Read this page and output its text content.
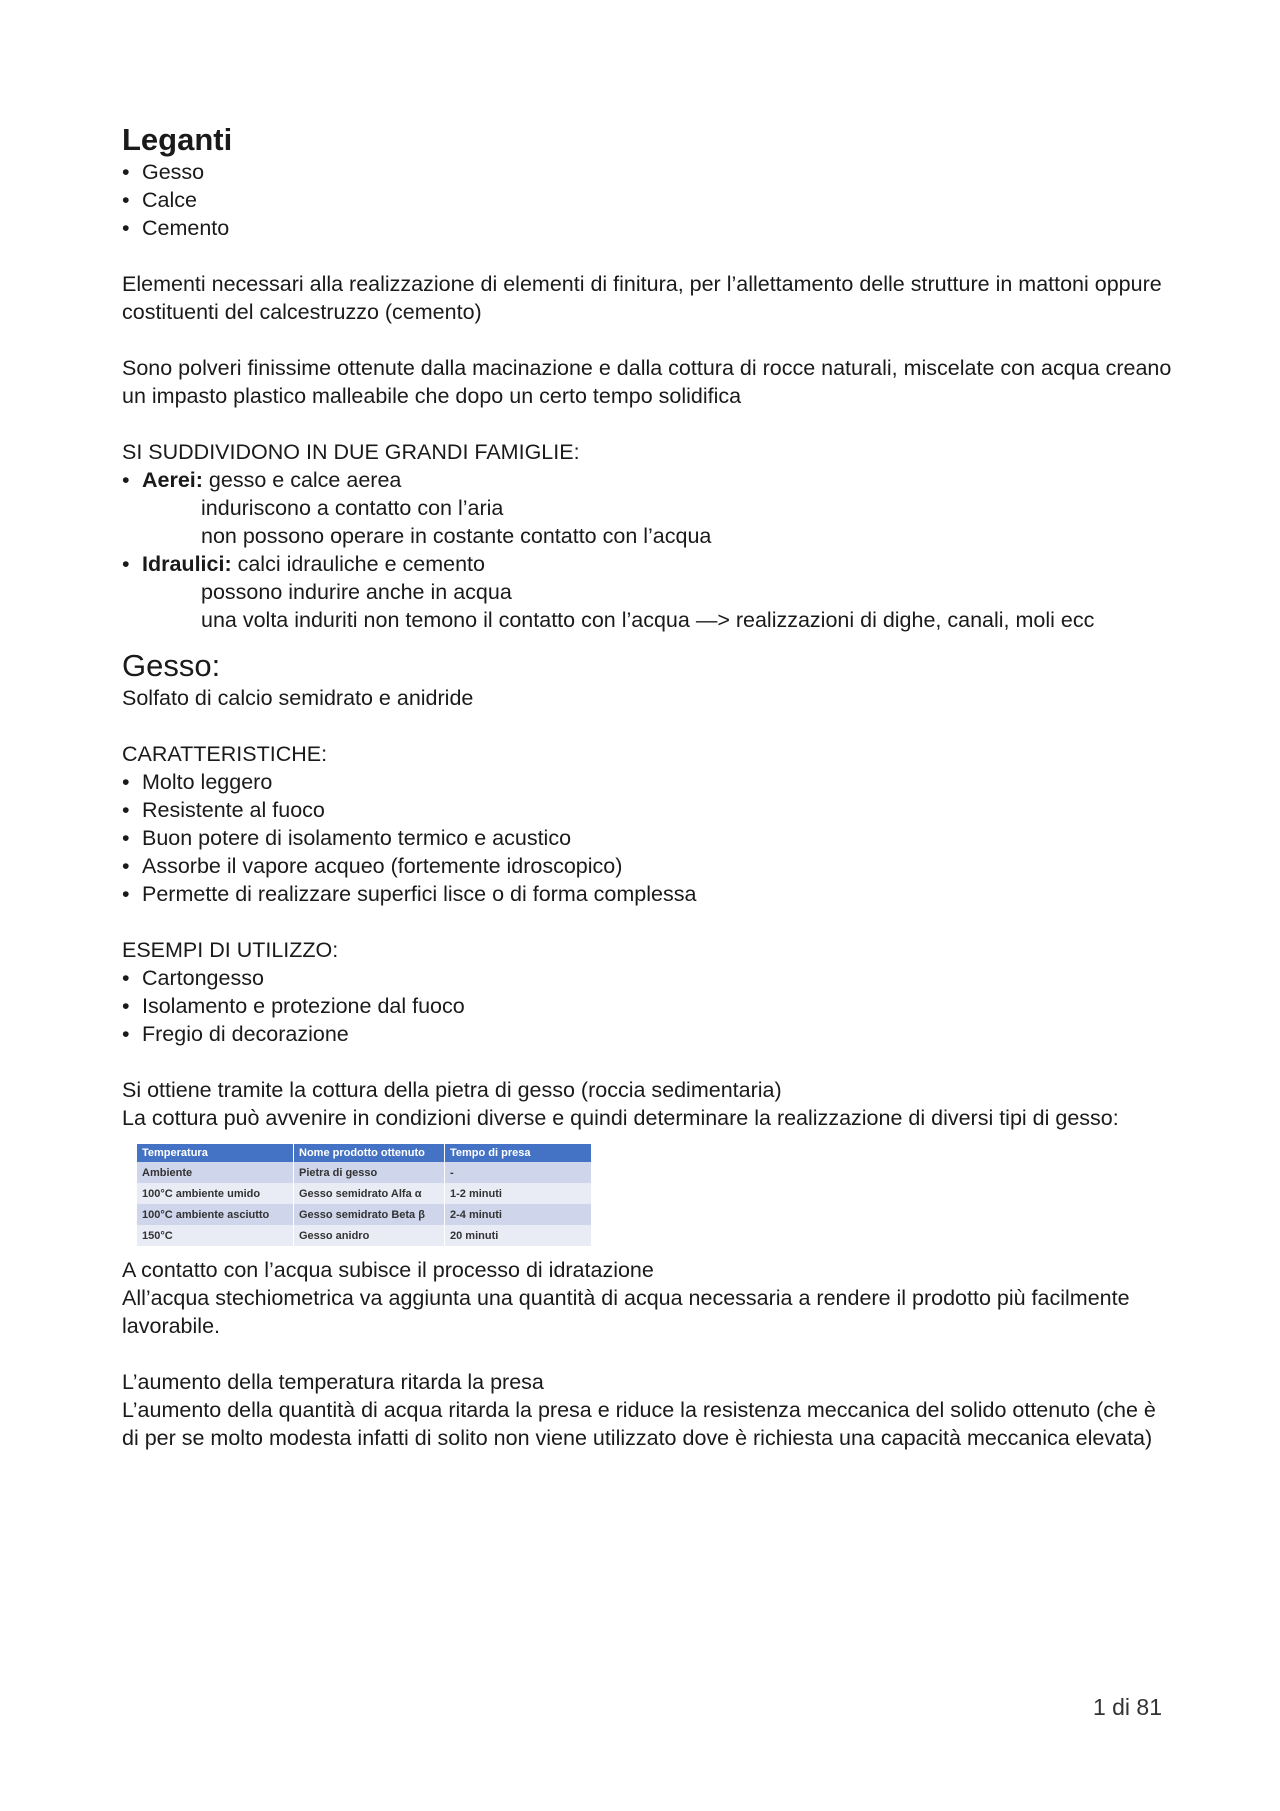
Leganti
• Gesso
• Calce
• Cemento

Elementi necessari alla realizzazione di elementi di finitura, per l’allettamento delle strutture in mattoni oppure costituenti del calcestruzzo (cemento)

Sono polveri finissime ottenute dalla macinazione e dalla cottura di rocce naturali, miscelate con acqua creano un impasto plastico malleabile che dopo un certo tempo solidifica

SI SUDDIVIDONO IN DUE GRANDI FAMIGLIE:

• Aerei: gesso e calce aerea
induriscono a contatto con l’aria
non possono operare in costante contatto con l’acqua
• Idraulici: calci idrauliche e cemento
possono indurire anche in acqua
una volta induriti non temono il contatto con l’acqua —> realizzazioni di dighe, canali, moli ecc
Gesso:

Solfato di calcio semidrato e anidride

CARATTERISTICHE:

• Molto leggero
• Resistente al fuoco
• Buon potere di isolamento termico e acustico
• Assorbe il vapore acqueo (fortemente idroscopico)
• Permette di realizzare superfici lisce o di forma complessa

ESEMPI DI UTILIZZO:

• Cartongesso
• Isolamento e protezione dal fuoco
• Fregio di decorazione

Si ottiene tramite la cottura della pietra di gesso (roccia sedimentaria)

La cottura può avvenire in condizioni diverse e quindi determinare la realizzazione di diversi tipi di gesso:

Temperatura	Nome prodotto ottenuto	Tempo di presa
Ambiente	Pietra di gesso	-
100°C ambiente umido	Gesso semidrato Alfa α	1-2 minuti
100°C ambiente asciutto	Gesso semidrato Beta β	2-4 minuti
150°C	Gesso anidro	20 minuti

A contatto con l’acqua subisce il processo di idratazione

All’acqua stechiometrica va aggiunta una quantità di acqua necessaria a rendere il prodotto più facilmente lavorabile.

L’aumento della temperatura ritarda la presa

L’aumento della quantità di acqua ritarda la presa e riduce la resistenza meccanica del solido ottenuto (che è di per se molto modesta infatti di solito non viene utilizzato dove è richiesta una capacità meccanica elevata)

1 di 81
